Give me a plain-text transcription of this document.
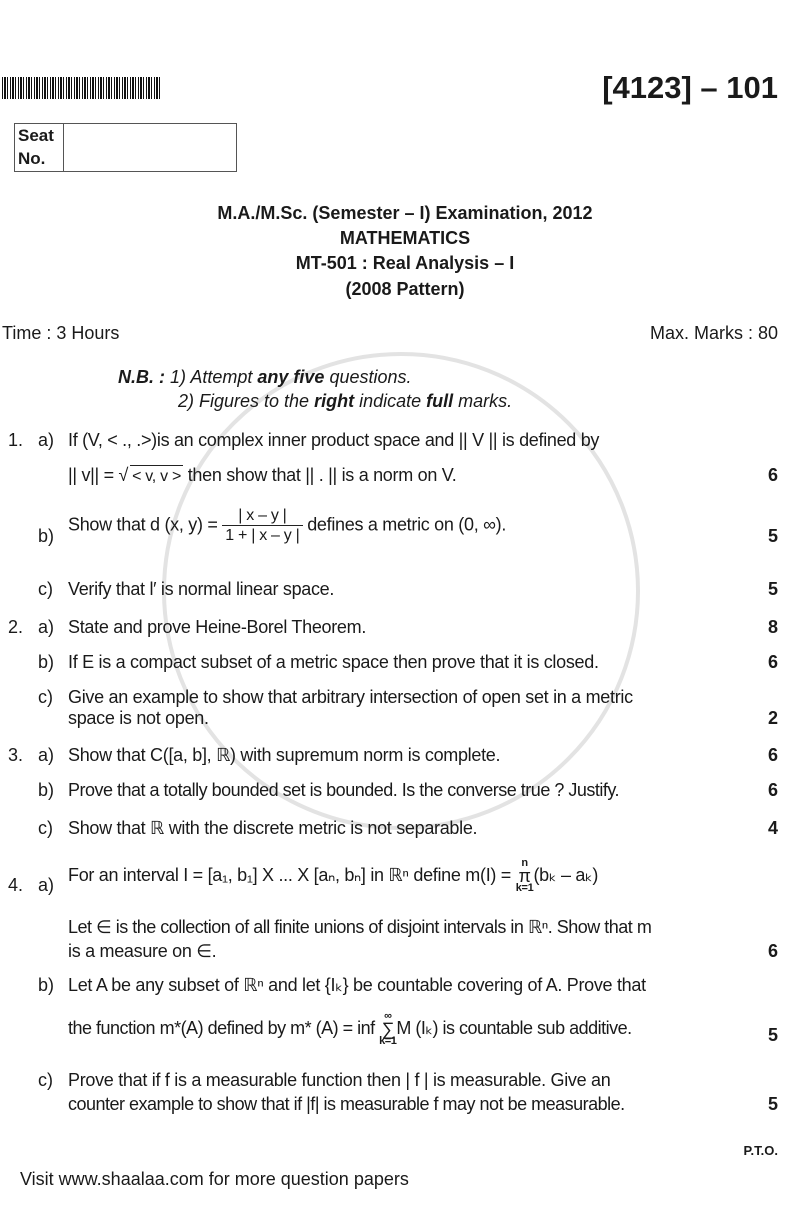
[4123] – 101
Seat
No.
M.A./M.Sc. (Semester – I) Examination, 2012
MATHEMATICS
MT-501 : Real Analysis – I
(2008 Pattern)
Time : 3 Hours	Max. Marks : 80
N.B. : 1) Attempt any five questions.
2) Figures to the right indicate full marks.
1. a) If (V, < ., .>)is an complex inner product space and || V || is defined by
|| v|| = √ < v, v > then show that || . || is a norm on V.	6
b)
Show that d (x, $y) = \frac{| x - y |}{1 + | x - y |}$ defines a metric on (0, ∞).
5
c) Verify that l′ is normal linear space.	5
2. a) State and prove Heine-Borel Theorem.	8
b) If E is a compact subset of a metric space then prove that it is closed.	6
c) Give an example to show that arbitrary intersection of open set in a metric
space is not open.	2
3. a) Show that C([a, b], ℝ) with supremum norm is complete.	6
b) Prove that a totally bounded set is bounded. Is the converse true ? Justify.	6
c) Show that ℝ with the discrete metric is not separable.	4
4. a)
For an interval I = [a₁, b₁] X ... X [aₙ, bₙ] in ℝⁿ define m(I) =
n
π
k=1
(bₖ – aₖ)
Let ∈ is the collection of all finite unions of disjoint intervals in ℝⁿ. Show that m
is a measure on ∈.	6
b) Let A be any subset of ℝⁿ and let {Iₖ} be countable covering of A. Prove that
the function m*(A) defined by m* (A) = inf
∞
∑
k=1
M (Iₖ) is countable sub additive.	5
c) Prove that if f is a measurable function then | f | is measurable. Give an
counter example to show that if |f| is measurable f may not be measurable.	5
P.T.O.
Visit www.shaalaa.com for more question papers
